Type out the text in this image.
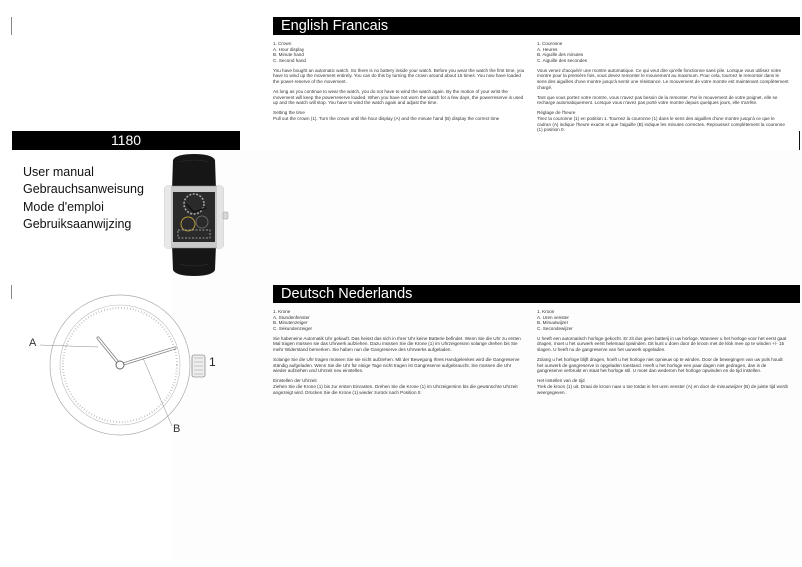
1180
User manual
Gebrauchsanweisung
Mode d'emploi
Gebruiksaanwijzing
A
B
1
English Francais
1. Crown
A. Hour display
B. Minute hand
C. Second hand

You have bought an automatic watch. So there is no battery inside your watch. Before you wear the watch the first time, you have to wind up the movement entirely. You can do this by turning the crown around about 15 times. You now have loaded the power-reserve of the movement.

As long as you continue to wear the watch, you do not have to wind the watch again. By the motion of your wrist the movement will keep the powerreserve loaded. When you have not worn the watch for a few days, the powerreserve is used up and the watch will stop. You have to wind the watch again and adjust the time.

Setting the time
Pull out the crown (1). Turn the crown until the hour display (A) and the minute hand (B) display the correct time
1. Couronne
A. Heures
B. Aiguille des minutes
C. Aiguille des secondes

Vous venez d'acquérir une montre automatique. Ce qui veut dire qu'elle fonctionne sans pile. Lorsque vous utilisez votre montre pour la première fois, vous devez remonter le mouvement au maximum. Pour cela, tournez le remontoir dans le sens des aiguilles d'une montre jusqu'à sentir une résistance. Le mouvement de votre montre est maintenant complètement chargé.

Tant que vous portez votre montre, vous n'avez pas besoin de la remonter. Par le mouvement de votre poignet, elle se recharge automatiquement. Lorsque vous n'avez pas porté votre montre depuis quelques jours, elle s'arrête.

Réglage de l'heure
Tirez la couronne (1) en position 1. Tournez la couronne (1) dans le sens des aiguilles d'une montre jusqu'à ce que le cadran (A) indique l'heure exacte et que l'aiguille (B) indique les minutes correctes. Repoussez complètement la couronne (1) position 0.
Deutsch Nederlands
1. Krone
A. Stundenfenster
B. Minutenzeiger
C. Sekundenzeiger

Sie habeneine Automatik Uhr gekauft. Das heisst das sich in Ihrer Uhr keine Batterie befindet. Wenn Sie die Uhr zu ersten Mal tragen müssen sie das Uhrwerk aufziehen. Dazu müssen Sie die Krone (1) im Uhrzeigersinn solange drehen bis Sie mehr Widerstand bemerken. Sie haben nun die Gangreserve des Uhrwerks aufgeladen.

Solange Sie die Uhr tragen müssen Sie sie nicht aufziehen. Mit der Bewegung Ihres Handgelenkes wird die Gangreserve ständig aufgeladen. Wenn Sie die Uhr für einige Tage nicht tragen ist Gangreserve aufgebraucht. Sie müssen die Uhr wieder aufziehen und Uhrzeit neu einstellen.

Einstellen der Uhrzeit
Ziehen Sie die Krone (1) bis zur ersten Einrasten. Drehen Sie die Krone (1) im Uhrzeigersinn bis die gewünschte Uhrzeit angezeigt wird. Drücken Sie die Krone (1) wieder zurück nach Position 0.
1. Kroon
A. Uren venster
B. Minuutwijzer
C. Secondewijzer

U heeft een automatisch horloge gekocht. Er zit dus geen batterij in uw horloge. Wanneer u het horloge voor het eerst gaat dragen, moet u het uurwerk eerst helemaal opwinden. Dit kunt u doen door de kroon met de klok mee op te winden +/- 15 slagen. U heeft nu de gangreserve van het uurwerk opgeladen.

Zolang u het horloge blijft dragen, hoeft u het horloge niet opnieuw op te winden. Door de bewegingen van uw pols houdt het uurwerk de gangreserve in opgeladen toestand. Heeft u het horloge een paar dagen niet gedragen, dan is de gangreserve verbruikt en staat het horloge stil. U moet dan wederom het horloge opwinden en de tijd instellen.

Het instellen van de tijd
Trek de kroon (1) uit. Draai de kroon naar u toe totdat in het uren venster (A) en door de minuutwijzer (B) de juiste tijd wordt weergegeven.
